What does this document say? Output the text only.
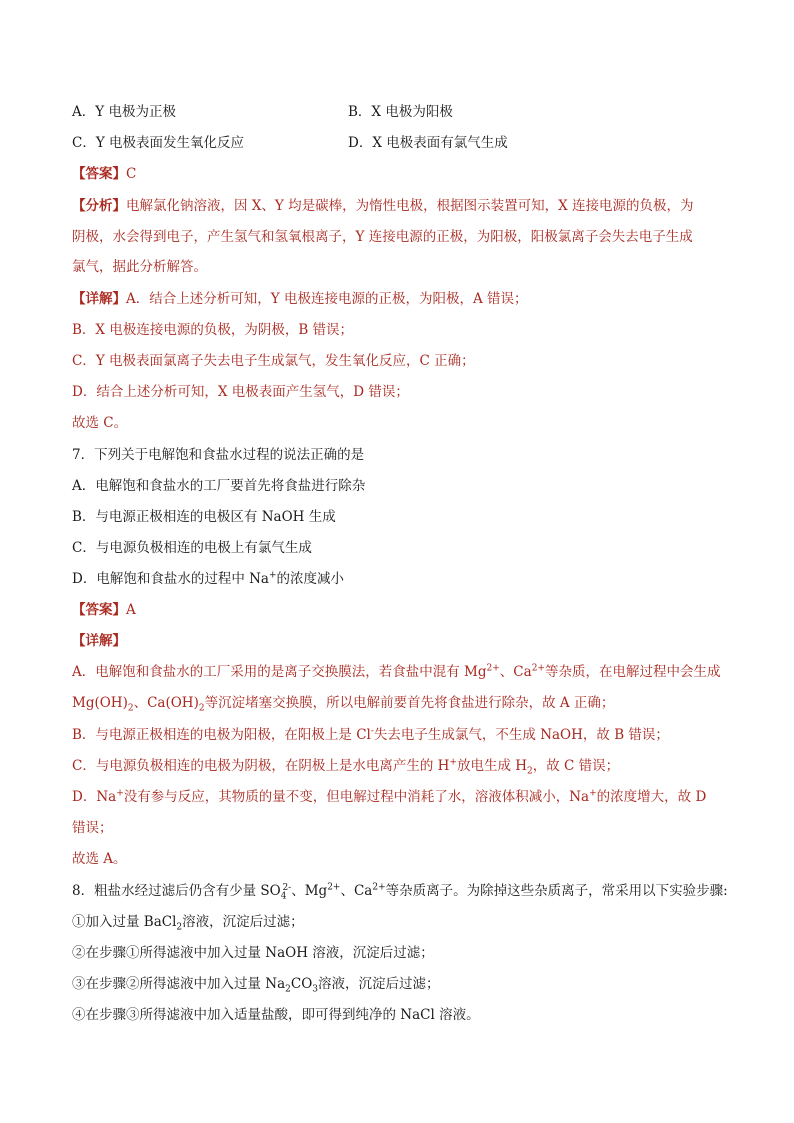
A．Y 电极为正极	B．X 电极为阳极
C．Y 电极表面发生氧化反应	D．X 电极表面有氯气生成
【答案】C
【分析】电解氯化钠溶液，因 X、Y 均是碳棒，为惰性电极，根据图示装置可知，X 连接电源的负极，为
阴极，水会得到电子，产生氢气和氢氧根离子，Y 连接电源的正极，为阳极，阳极氯离子会失去电子生成
氯气，据此分析解答。
【详解】A．结合上述分析可知，Y 电极连接电源的正极，为阳极，A 错误；
B．X 电极连接电源的负极，为阴极，B 错误；
C．Y 电极表面氯离子失去电子生成氯气，发生氧化反应，C 正确；
D．结合上述分析可知，X 电极表面产生氢气，D 错误；
故选 C。
7．下列关于电解饱和食盐水过程的说法正确的是
A．电解饱和食盐水的工厂要首先将食盐进行除杂
B．与电源正极相连的电极区有 NaOH 生成
C．与电源负极相连的电极上有氯气生成
D．电解饱和食盐水的过程中 Na+的浓度减小
【答案】A
【详解】
A．电解饱和食盐水的工厂采用的是离子交换膜法，若食盐中混有 $Mg^{2+}$、$Ca^{2+}$等杂质，在电解过程中会生成
$Mg(OH)_2$、$Ca(OH)_2$等沉淀堵塞交换膜，所以电解前要首先将食盐进行除杂，故 A 正确；
B．与电源正极相连的电极为阳极，在阳极上是 Cl-失去电子生成氯气，不生成 NaOH，故 B 错误；
C．与电源负极相连的电极为阴极，在阴极上是水电离产生的 H+放电生成 $H_2$，故 C 错误；
D．Na+没有参与反应，其物质的量不变，但电解过程中消耗了水，溶液体积减小，Na+的浓度增大，故 D
错误；
故选 A。
8．粗盐水经过滤后仍含有少量 $SO_4^{2-}$、$Mg^{2+}$、$Ca^{2+}$等杂质离子。为除掉这些杂质离子，常采用以下实验步骤:
①加入过量 BaCl$_2$溶液，沉淀后过滤；
②在步骤①所得滤液中加入过量 NaOH 溶液，沉淀后过滤；
③在步骤②所得滤液中加入过量 $Na_2CO_3$溶液，沉淀后过滤；
④在步骤③所得滤液中加入适量盐酸，即可得到纯净的 NaCl 溶液。
